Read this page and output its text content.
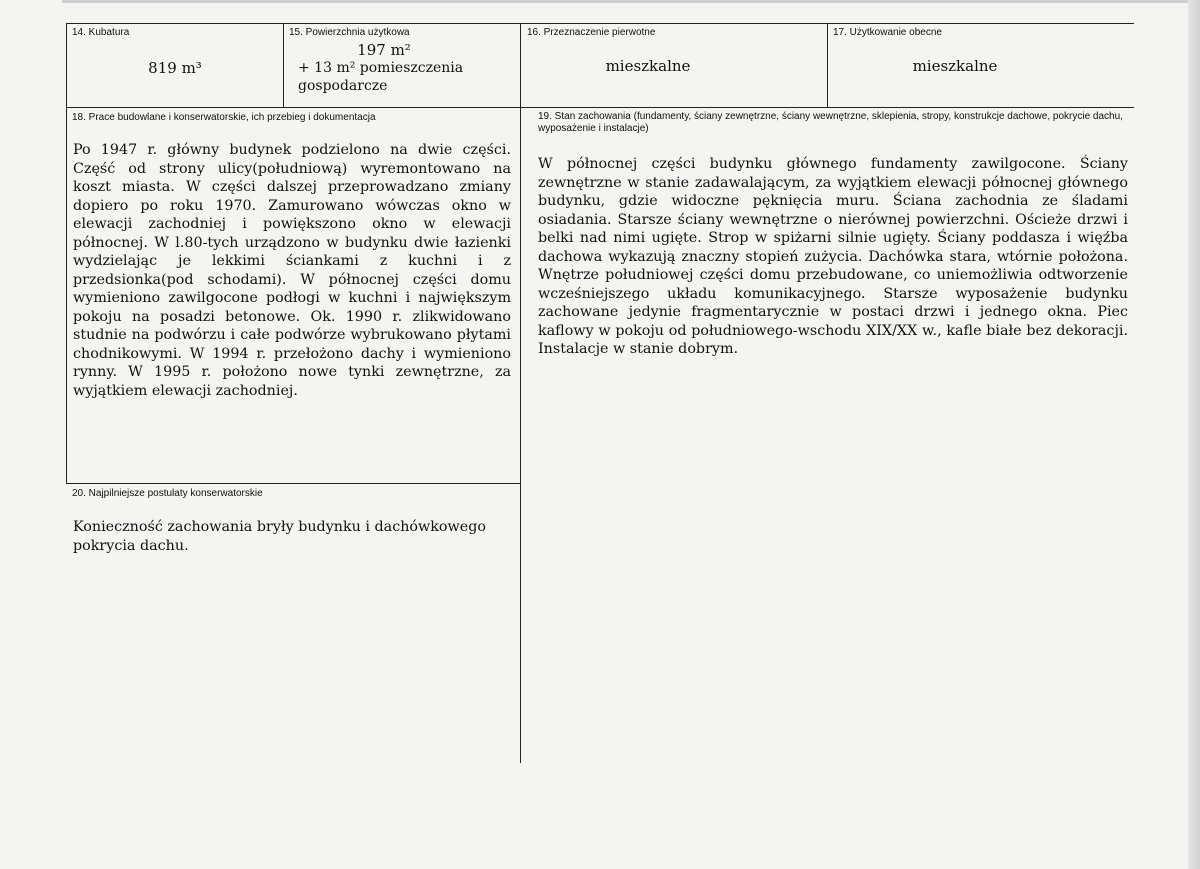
14. Kubatura
819 m³
15. Powierzchnia użytkowa
197 m²
+ 13 m² pomieszczenia
gospodarcze
16. Przeznaczenie pierwotne
mieszkalne
17. Użytkowanie obecne
mieszkalne
18. Prace budowlane i konserwatorskie, ich przebieg i dokumentacja
Po 1947 r. główny budynek podzielono na dwie części. Część od strony ulicy(południową) wyremontowano na koszt miasta. W części dalszej przeprowadzano zmiany dopiero po roku 1970. Zamurowano wówczas okno w elewacji zachodniej i powiększono okno w elewacji północnej. W l.80-tych urządzono w budynku dwie łazienki wydzielając je lekkimi ściankami z kuchni i z przedsionka(pod schodami). W północnej części domu wymieniono zawilgocone podłogi w kuchni i największym pokoju na posadzi betonowe. Ok. 1990 r. zlikwidowano studnie na podwórzu i całe podwórze wybrukowano płytami chodnikowymi. W 1994 r. przełożono dachy i wymieniono rynny. W 1995 r. położono nowe tynki zewnętrzne, za wyjątkiem elewacji zachodniej.
19. Stan zachowania (fundamenty, ściany zewnętrzne, ściany wewnętrzne, sklepienia, stropy, konstrukcje dachowe, pokrycie dachu, wyposażenie i instalacje)
W północnej części budynku głównego fundamenty zawilgocone. Ściany zewnętrzne w stanie zadawalającym, za wyjątkiem elewacji północnej głównego budynku, gdzie widoczne pęknięcia muru. Ściana zachodnia ze śladami osiadania. Starsze ściany wewnętrzne o nierównej powierzchni. Ościeże drzwi i belki nad nimi ugięte. Strop w spiżarni silnie ugięty. Ściany poddasza i więźba dachowa wykazują znaczny stopień zużycia. Dachówka stara, wtórnie położona. Wnętrze południowej części domu przebudowane, co uniemożliwia odtworzenie wcześniejszego układu komunikacyjnego. Starsze wyposażenie budynku zachowane jedynie fragmentarycznie w postaci drzwi i jednego okna. Piec kaflowy w pokoju od południowego-wschodu XIX/XX w., kafle białe bez dekoracji. Instalacje w stanie dobrym.
20. Najpilniejsze postulaty konserwatorskie
Konieczność zachowania bryły budynku i dachówkowego pokrycia dachu.
